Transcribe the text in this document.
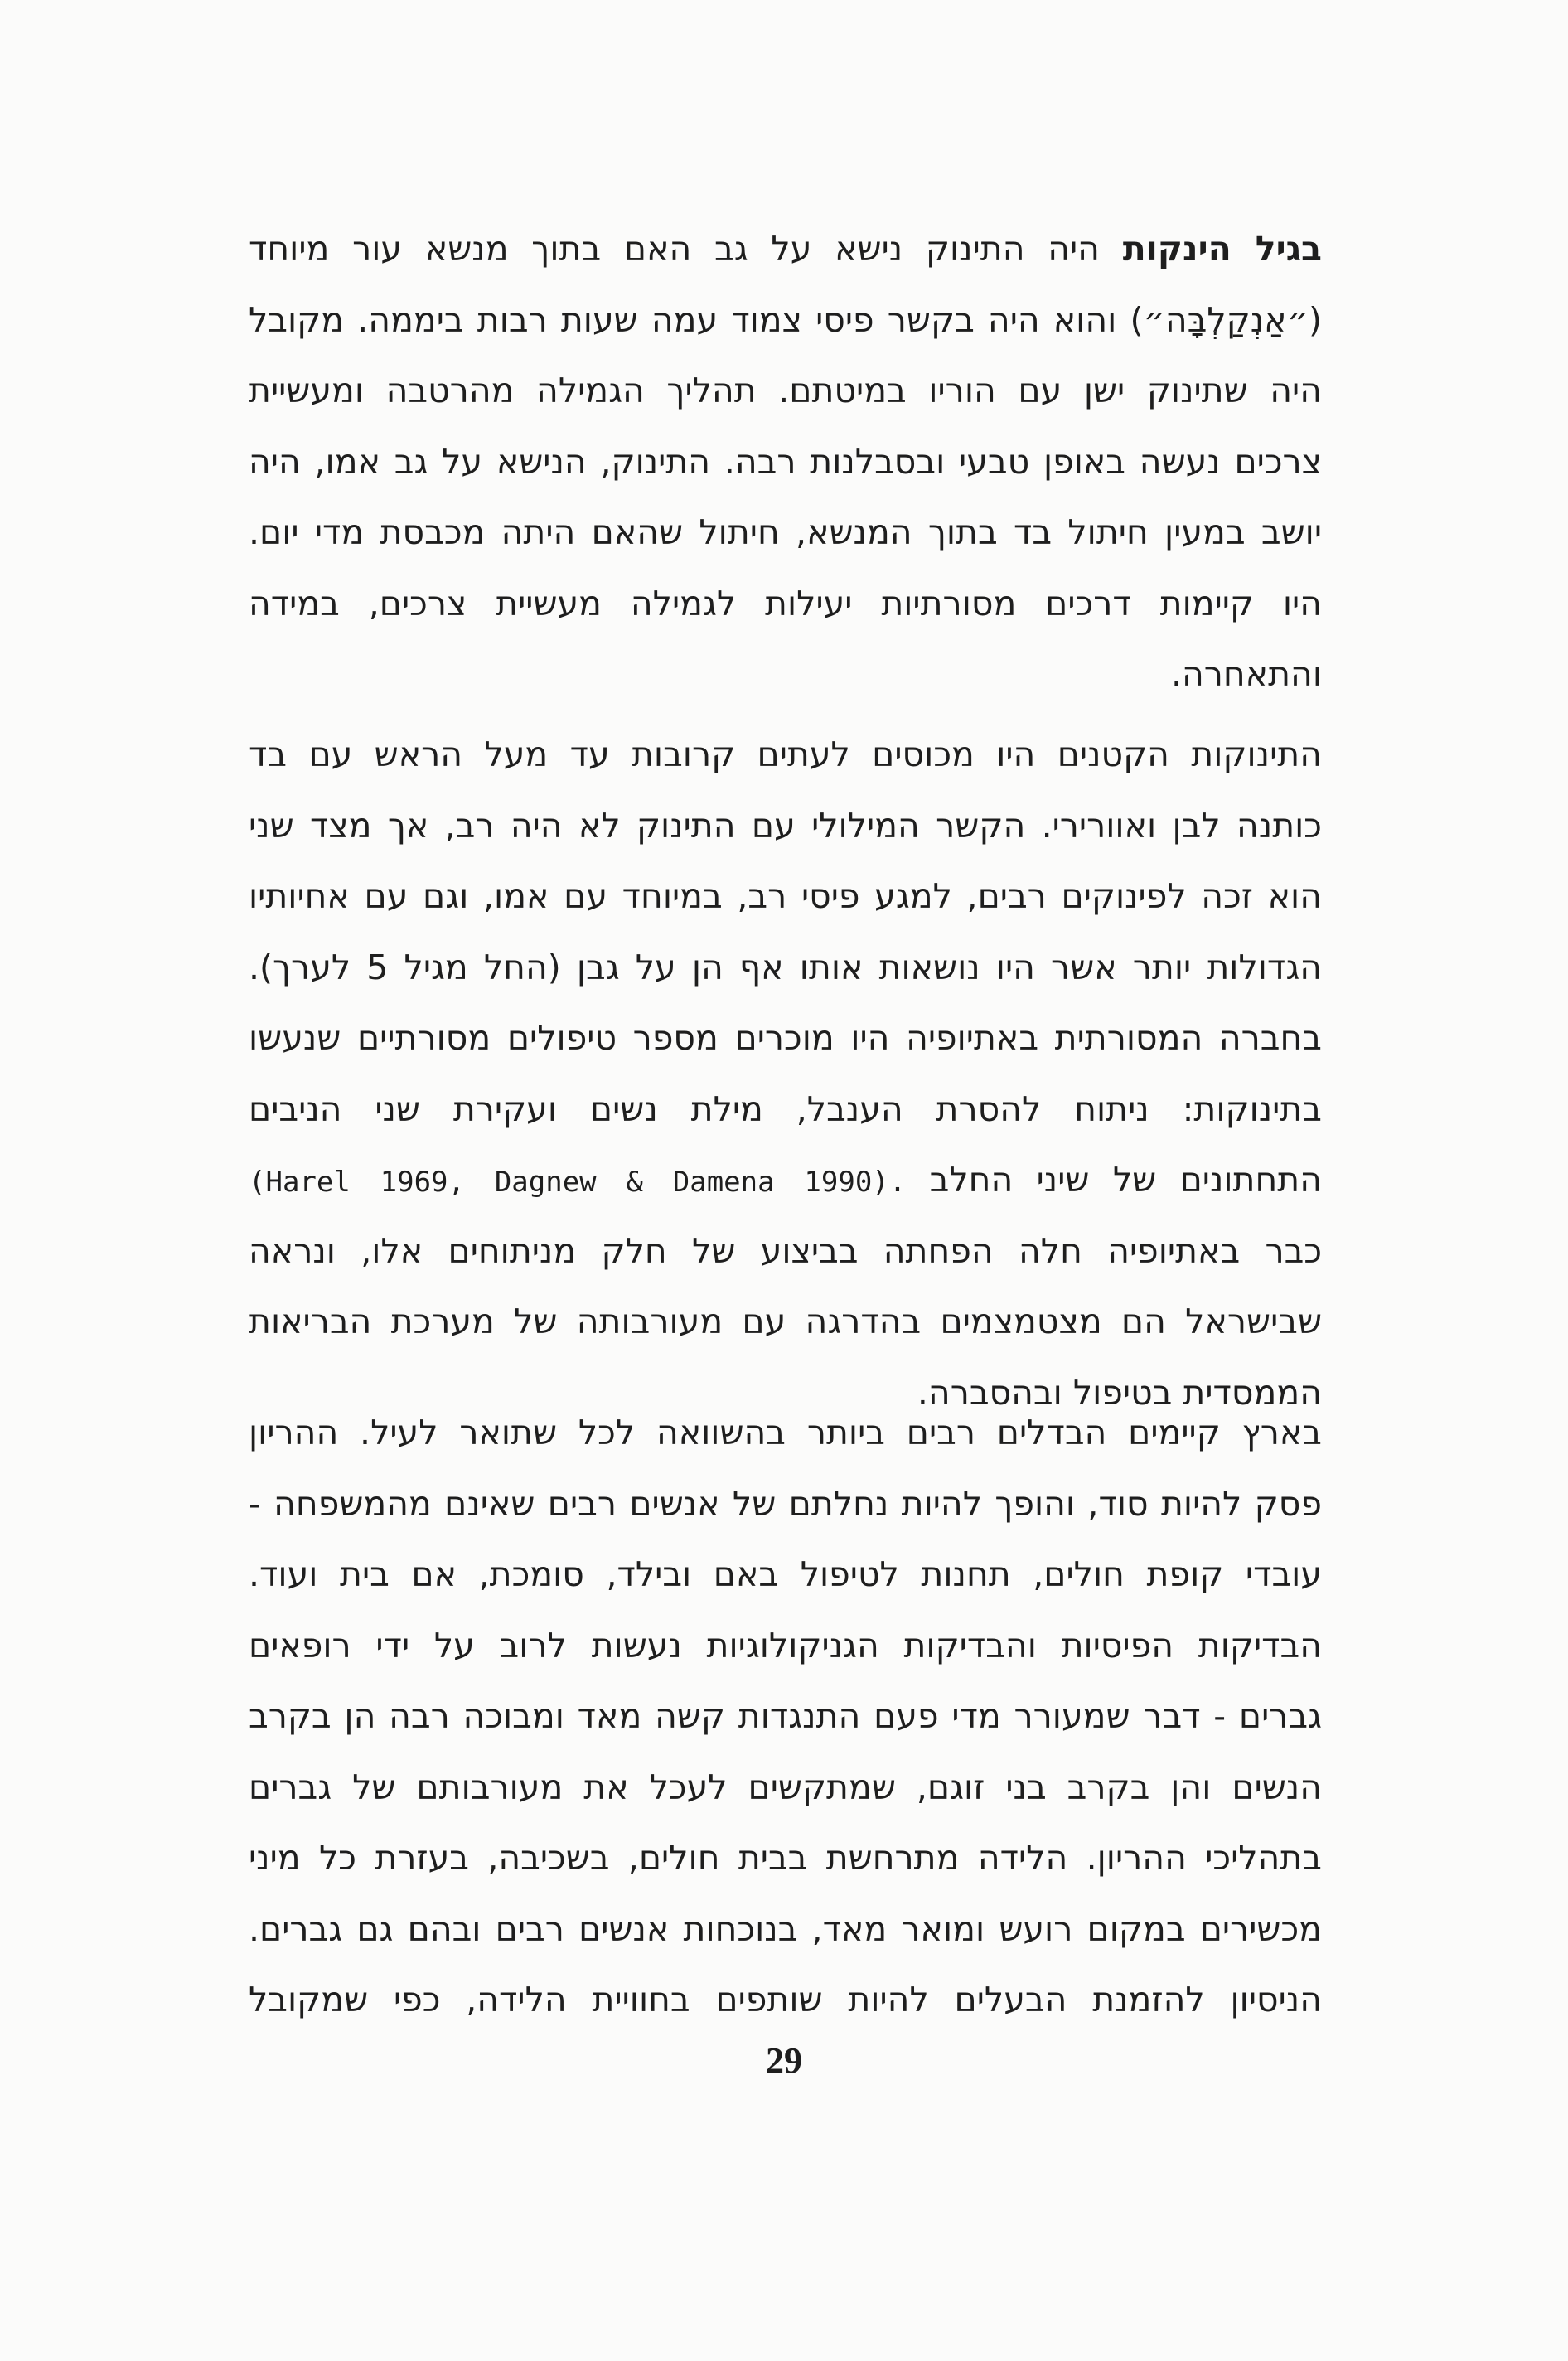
בגיל הינקות היה התינוק נישא על גב האם בתוך מנשא עור מיוחד
(״אַנְקַלְבָּה״) והוא היה בקשר פיסי צמוד עמה שעות רבות ביממה. מקובל
היה שתינוק ישן עם הוריו במיטתם. תהליך הגמילה מהרטבה ומעשיית
צרכים נעשה באופן טבעי ובסבלנות רבה. התינוק, הנישא על גב אמו, היה
יושב במעין חיתול בד בתוך המנשא, חיתול שהאם היתה מכבסת מדי יום.
היו קיימות דרכים מסורתיות יעילות לגמילה מעשיית צרכים, במידה
והתאחרה.
התינוקות הקטנים היו מכוסים לעתים קרובות עד מעל הראש עם בד
כותנה לבן ואוורירי. הקשר המילולי עם התינוק לא היה רב, אך מצד שני
הוא זכה לפינוקים רבים, למגע פיסי רב, במיוחד עם אמו, וגם עם אחיותיו
הגדולות יותר אשר היו נושאות אותו אף הן על גבן (החל מגיל 5 לערך).
בחברה המסורתית באתיופיה היו מוכרים מספר טיפולים מסורתיים שנעשו
בתינוקות: ניתוח להסרת הענבל, מילת נשים ועקירת שני הניבים
התחתונים של שיני החלב (Harel 1969, Dagnew & Damena 1990).
כבר באתיופיה חלה הפחתה בביצוע של חלק מניתוחים אלו, ונראה
שבישראל הם מצטמצמים בהדרגה עם מעורבותה של מערכת הבריאות
הממסדית בטיפול ובהסברה.
בארץ קיימים הבדלים רבים ביותר בהשוואה לכל שתואר לעיל. ההריון
פסק להיות סוד, והופך להיות נחלתם של אנשים רבים שאינם מהמשפחה -
עובדי קופת חולים, תחנות לטיפול באם ובילד, סומכת, אם בית ועוד.
הבדיקות הפיסיות והבדיקות הגניקולוגיות נעשות לרוב על ידי רופאים
גברים - דבר שמעורר מדי פעם התנגדות קשה מאד ומבוכה רבה הן בקרב
הנשים והן בקרב בני זוגם, שמתקשים לעכל את מעורבותם של גברים
בתהליכי ההריון. הלידה מתרחשת בבית חולים, בשכיבה, בעזרת כל מיני
מכשירים במקום רועש ומואר מאד, בנוכחות אנשים רבים ובהם גם גברים.
הניסיון להזמנת הבעלים להיות שותפים בחוויית הלידה, כפי שמקובל
29
